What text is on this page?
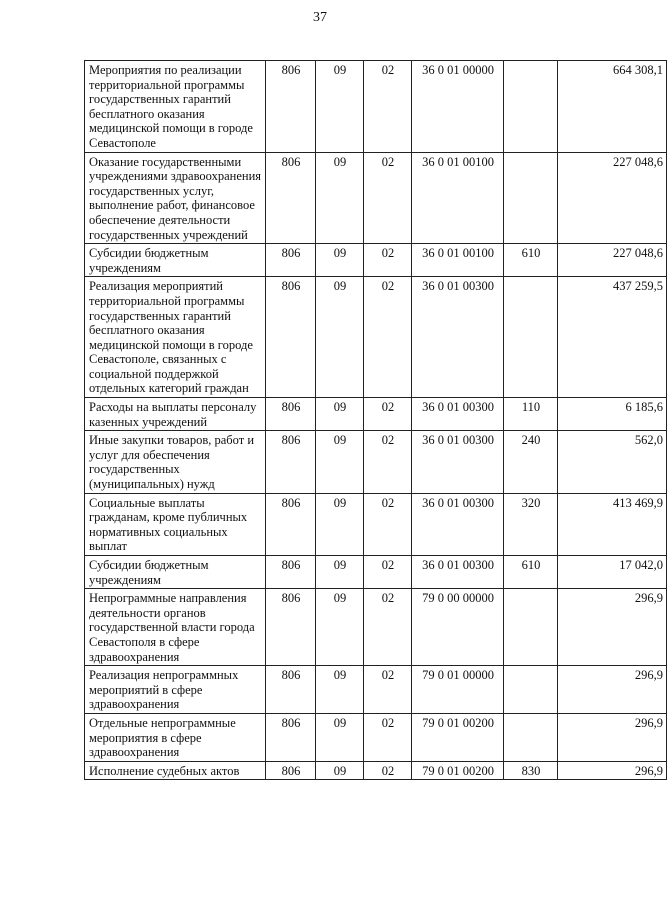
37
Мероприятия по реализации территориальной программы государственных гарантий бесплатного оказания медицинской помощи в городе Севастополе	806	09	02	36 0 01 00000		664 308,1
Оказание государственными учреждениями здравоохранения государственных услуг, выполнение работ, финансовое обеспечение деятельности государственных учреждений	806	09	02	36 0 01 00100		227 048,6
Субсидии бюджетным учреждениям	806	09	02	36 0 01 00100	610	227 048,6
Реализация мероприятий территориальной программы государственных гарантий бесплатного оказания медицинской помощи в городе Севастополе, связанных с социальной поддержкой отдельных категорий граждан	806	09	02	36 0 01 00300		437 259,5
Расходы на выплаты персоналу казенных учреждений	806	09	02	36 0 01 00300	110	6 185,6
Иные закупки товаров, работ и услуг для обеспечения государственных (муниципальных) нужд	806	09	02	36 0 01 00300	240	562,0
Социальные выплаты гражданам, кроме публичных нормативных социальных выплат	806	09	02	36 0 01 00300	320	413 469,9
Субсидии бюджетным учреждениям	806	09	02	36 0 01 00300	610	17 042,0
Непрограммные направления деятельности органов государственной власти города Севастополя в сфере здравоохранения	806	09	02	79 0 00 00000		296,9
Реализация непрограммных мероприятий в сфере здравоохранения	806	09	02	79 0 01 00000		296,9
Отдельные непрограммные мероприятия в сфере здравоохранения	806	09	02	79 0 01 00200		296,9
Исполнение судебных актов	806	09	02	79 0 01 00200	830	296,9
